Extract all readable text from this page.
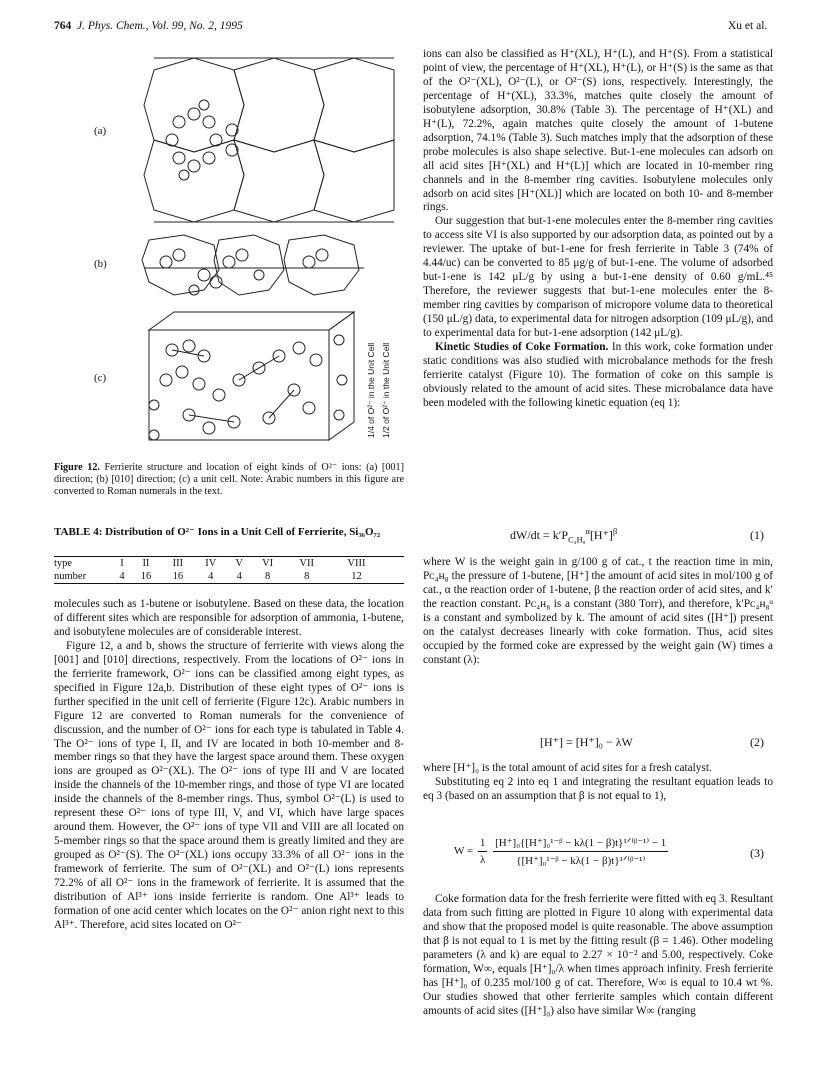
764 J. Phys. Chem., Vol. 99, No. 2, 1995	Xu et al.
(a)
(b)
(c)	1/4 of O²⁻ in the Unit Cell 1/2 of O²⁻ in the Unit Cell
Figure 12. Ferrierite structure and location of eight kinds of O²⁻ ions: (a) [001] direction; (b) [010] direction; (c) a unit cell. Note: Arabic numbers in this figure are converted to Roman numerals in the text.
TABLE 4: Distribution of O²⁻ Ions in a Unit Cell of Ferrierite, Si₃₆O₇₂
type	I	II	III	IV	V	VI	VII	VIII
number	4	16	16	4	4	8	8	12

molecules such as 1-butene or isobutylene. Based on these data, the location of different sites which are responsible for adsorption of ammonia, 1-butene, and isobutylene molecules are of considerable interest.

Figure 12, a and b, shows the structure of ferrierite with views along the [001] and [010] directions, respectively. From the locations of O²⁻ ions in the ferrierite framework, O²⁻ ions can be classified among eight types, as specified in Figure 12a,b. Distribution of these eight types of O²⁻ ions is further specified in the unit cell of ferrierite (Figure 12c). Arabic numbers in Figure 12 are converted to Roman numerals for the convenience of discussion, and the number of O²⁻ ions for each type is tabulated in Table 4. The O²⁻ ions of type I, II, and IV are located in both 10-member and 8-member rings so that they have the largest space around them. These oxygen ions are grouped as O²⁻(XL). The O²⁻ ions of type III and V are located inside the channels of the 10-member rings, and those of type VI are located inside the channels of the 8-member rings. Thus, symbol O²⁻(L) is used to represent these O²⁻ ions of type III, V, and VI, which have large spaces around them. However, the O²⁻ ions of type VII and VIII are all located on 5-member rings so that the space around them is greatly limited and they are grouped as O²⁻(S). The O²⁻(XL) ions occupy 33.3% of all O²⁻ ions in the framework of ferrierite. The sum of O²⁻(XL) and O²⁻(L) ions represents 72.2% of all O²⁻ ions in the framework of ferrierite. It is assumed that the distribution of Al³⁺ ions inside ferrierite is random. One Al³⁺ leads to formation of one acid center which locates on the O²⁻ anion right next to this Al³⁺. Therefore, acid sites located on O²⁻

ions can also be classified as H⁺(XL), H⁺(L), and H⁺(S). From a statistical point of view, the percentage of H⁺(XL), H⁺(L), or H⁺(S) is the same as that of the O²⁻(XL), O²⁻(L), or O²⁻(S) ions, respectively. Interestingly, the percentage of H⁺(XL), 33.3%, matches quite closely the amount of isobutylene adsorption, 30.8% (Table 3). The percentage of H⁺(XL) and H⁺(L), 72.2%, again matches quite closely the amount of 1-butene adsorption, 74.1% (Table 3). Such matches imply that the adsorption of these probe molecules is also shape selective. But-1-ene molecules can adsorb on all acid sites [H⁺(XL) and H⁺(L)] which are located in 10-member ring channels and in the 8-member ring cavities. Isobutylene molecules only adsorb on acid sites [H⁺(XL)] which are located on both 10- and 8-member rings.

Our suggestion that but-1-ene molecules enter the 8-member ring cavities to access site VI is also supported by our adsorption data, as pointed out by a reviewer. The uptake of but-1-ene for fresh ferrierite in Table 3 (74% of 4.44/uc) can be converted to 85 μg/g of but-1-ene. The volume of adsorbed but-1-ene is 142 μL/g by using a but-1-ene density of 0.60 g/mL.⁴⁵ Therefore, the reviewer suggests that but-1-ene molecules enter the 8-member ring cavities by comparison of micropore volume data to theoretical (150 μL/g) data, to experimental data for nitrogen adsorption (109 μL/g), and to experimental data for but-1-ene adsorption (142 μL/g).

Kinetic Studies of Coke Formation. In this work, coke formation under static conditions was also studied with microbalance methods for the fresh ferrierite catalyst (Figure 10). The formation of coke on this sample is obviously related to the amount of acid sites. These microbalance data have been modeled with the following kinetic equation (eq 1):

$dW/dt = k'P_{C_4H_8}^\alpha[H^+]^\beta$	(1)

where W is the weight gain in g/100 g of cat., t the reaction time in min, Pᴄ₄ʜ₈ the pressure of 1-butene, [H⁺] the amount of acid sites in mol/100 g of cat., α the reaction order of 1-butene, β the reaction order of acid sites, and k′ the reaction constant. Pᴄ₄ʜ₈ is a constant (380 Torr), and therefore, k′Pᴄ₄ʜ₈ᵅ is a constant and symbolized by k. The amount of acid sites ([H⁺]) present on the catalyst decreases linearly with coke formation. Thus, acid sites occupied by the formed coke are expressed by the weight gain (W) times a constant (λ):

[H⁺] = [H⁺]₀ − λW	(2)

where [H⁺]₀ is the total amount of acid sites for a fresh catalyst.

Substituting eq 2 into eq 1 and integrating the resultant equation leads to eq 3 (based on an assumption that β is not equal to 1),

$W = \frac{1}{\lambda}$
$\frac{\text{[H⁺]₀\{[H⁺]₀¹⁻ᵝ − kλ(1 − β)t\}¹ᐟ⁽ᵝ⁻¹⁾ − 1}}{\text{\{[H⁺]₀¹⁻ᵝ − kλ(1 − β)t\}¹ᐟ⁽ᵝ⁻¹⁾}}$	(3)

Coke formation data for the fresh ferrierite were fitted with eq 3. Resultant data from such fitting are plotted in Figure 10 along with experimental data and show that the proposed model is quite reasonable. The above assumption that β is not equal to 1 is met by the fitting result (β = 1.46). Other modeling parameters (λ and k) are equal to 2.27 × 10⁻² and 5.00, respectively. Coke formation, W∞, equals [H⁺]₀/λ when times approach infinity. Fresh ferrierite has [H⁺]₀ of 0.235 mol/100 g of cat. Therefore, W∞ is equal to 10.4 wt %. Our studies showed that other ferrierite samples which contain different amounts of acid sites ([H⁺]₀) also have similar W∞ (ranging
